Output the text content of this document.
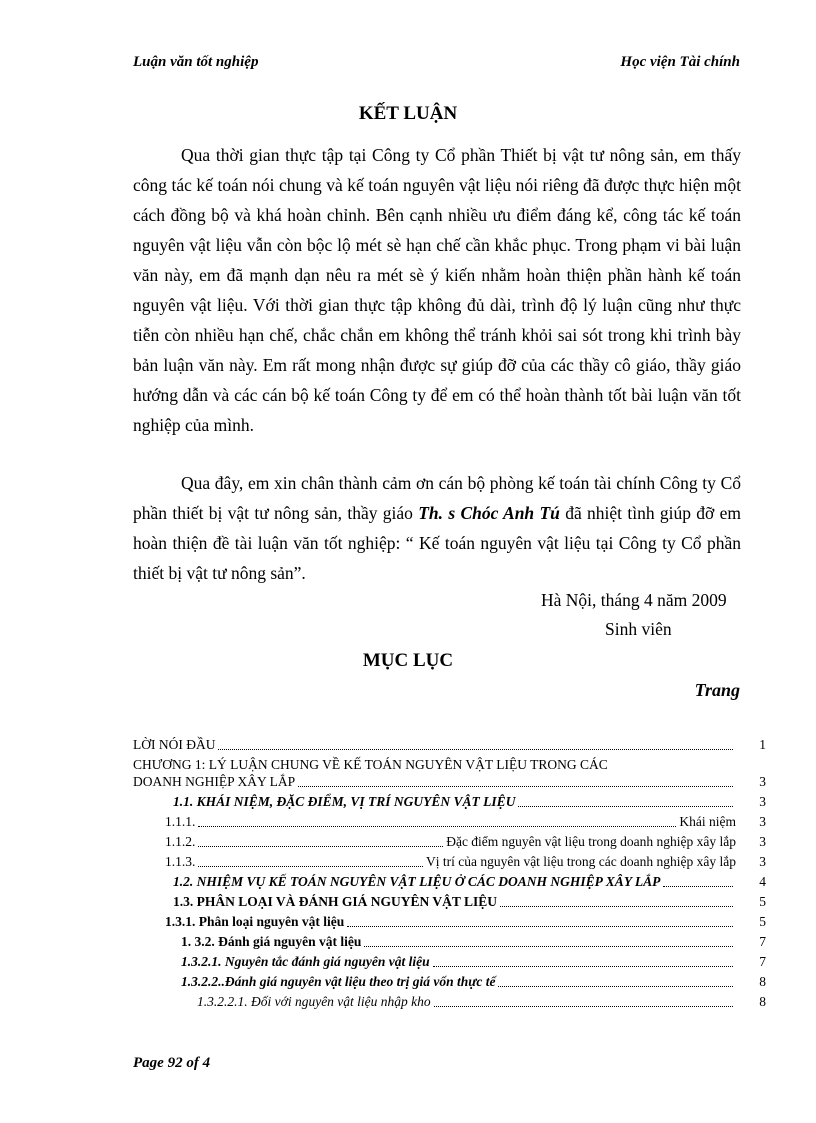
Luận văn tốt nghiệp	Học viện Tài chính
KẾT LUẬN
Qua thời gian thực tập tại Công ty Cổ phần Thiết bị vật tư nông sản, em thấy công tác kế toán nói chung và kế toán nguyên vật liệu nói riêng đã được thực hiện một cách đồng bộ và khá hoàn chỉnh. Bên cạnh nhiều ưu điểm đáng kể, công tác kế toán nguyên vật liệu vẫn còn bộc lộ mét sè hạn chế cần khắc phục. Trong phạm vi bài luận văn này, em đã mạnh dạn nêu ra mét sè ý kiến nhằm hoàn thiện phần hành kế toán nguyên vật liệu. Với thời gian thực tập không đủ dài, trình độ lý luận cũng như thực tiễn còn nhiều hạn chế, chắc chắn em không thể tránh khỏi sai sót trong khi trình bày bản luận văn này. Em rất mong nhận được sự giúp đỡ của các thầy cô giáo, thầy giáo hướng dẫn và các cán bộ kế toán Công ty để em có thể hoàn thành tốt bài luận văn tốt nghiệp của mình.
Qua đây, em xin chân thành cảm ơn cán bộ phòng kế toán tài chính Công ty Cổ phần thiết bị vật tư nông sản, thầy giáo Th. s Chóc Anh Tú đã nhiệt tình giúp đỡ em hoàn thiện đề tài luận văn tốt nghiệp: “ Kế toán nguyên vật liệu tại Công ty Cổ phần thiết bị vật tư nông sản”.
Hà Nội, tháng 4 năm 2009
Sinh viên
MỤC LỤC
Trang
LỜI NÓI ĐẦU	1
CHƯƠNG 1: LÝ LUẬN CHUNG VỀ KẾ TOÁN NGUYÊN VẬT LIỆU TRONG CÁC
DOANH NGHIỆP XÂY LẮP	3
1.1. KHÁI NIỆM, ĐẶC ĐIỂM, VỊ TRÍ NGUYÊN VẬT LIỆU	3
1.1.1.	Khái niệm	3
1.1.2.	Đặc điểm nguyên vật liệu trong doanh nghiệp xây lắp	3
1.1.3.	Vị trí của nguyên vật liệu trong các doanh nghiệp xây lắp	3
1.2. NHIỆM VỤ KẾ TOÁN NGUYÊN VẬT LIỆU Ở CÁC DOANH NGHIỆP XÂY LẮP	4
1.3. PHÂN LOẠI VÀ ĐÁNH GIÁ NGUYÊN VẬT LIỆU	5
1.3.1. Phân loại nguyên vật liệu	5
1. 3.2. Đánh giá nguyên vật liệu	7
1.3.2.1. Nguyên tắc đánh giá nguyên vật liệu	7
1.3.2.2..Đánh giá nguyên vật liệu theo trị giá vốn thực tế	8
1.3.2.2.1. Đối với nguyên vật liệu nhập kho	8
Page 92 of 4
